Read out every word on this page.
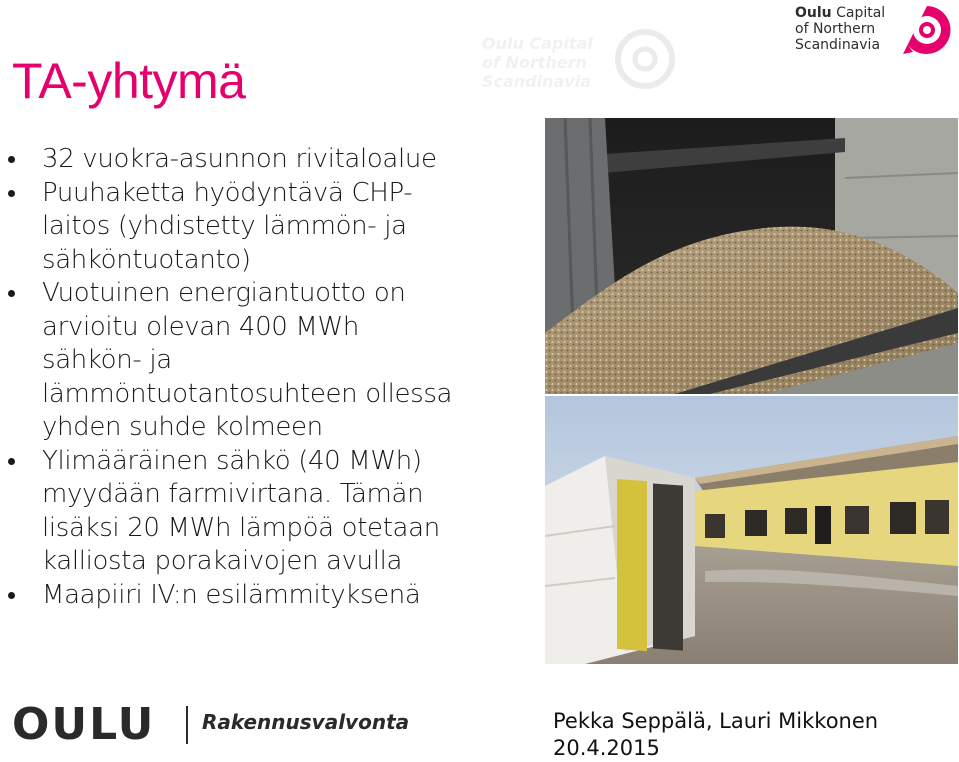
TA-yhtymä
Oulu Capital
of Northern
Scandinavia
Oulu Capital
of Northern
Scandinavia
32 vuokra-asunnon rivitaloalue
Puuhaketta hyödyntävä CHP-
laitos (yhdistetty lämmön- ja
sähköntuotanto)
Vuotuinen energiantuotto on
arvioitu olevan 400 MWh
sähkön- ja
lämmöntuotantosuhteen ollessa
yhden suhde kolmeen
Ylimääräinen sähkö (40 MWh)
myydään farmivirtana. Tämän
lisäksi 20 MWh lämpöä otetaan
kalliosta porakaivojen avulla
Maapiiri IV:n esilämmityksenä
OULU Rakennusvalvonta	Pekka Seppälä, Lauri Mikkonen
20.4.2015
